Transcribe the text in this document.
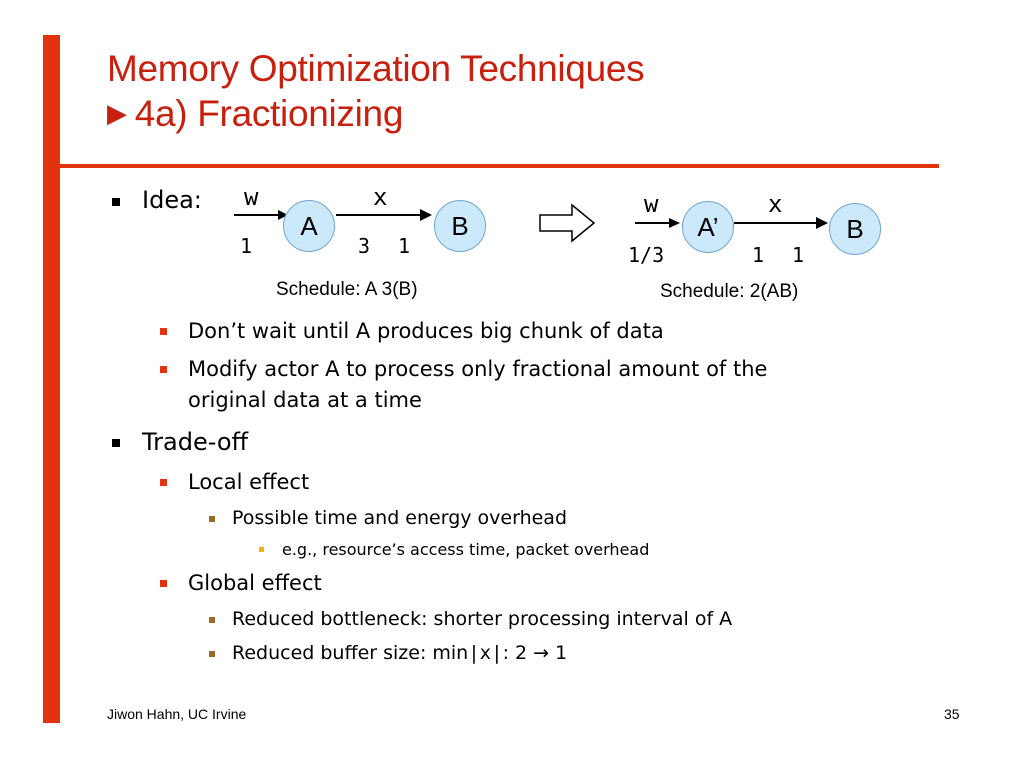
Memory Optimization Techniques
▶ 4a) Fractionizing
Idea: w	x
A	B
1	3 1
Schedule: A 3(B)
w	x
A’	B
1/3	1 1
Schedule: 2(AB)
Don’t wait until A produces big chunk of data
Modify actor A to process only fractional amount of the
original data at a time
Trade-off
Local effect
Possible time and energy overhead
e.g., resource’s access time, packet overhead
Global effect
Reduced bottleneck: shorter processing interval of A
Reduced buffer size: min|x|: 2 → 1
Jiwon Hahn, UC Irvine	35
